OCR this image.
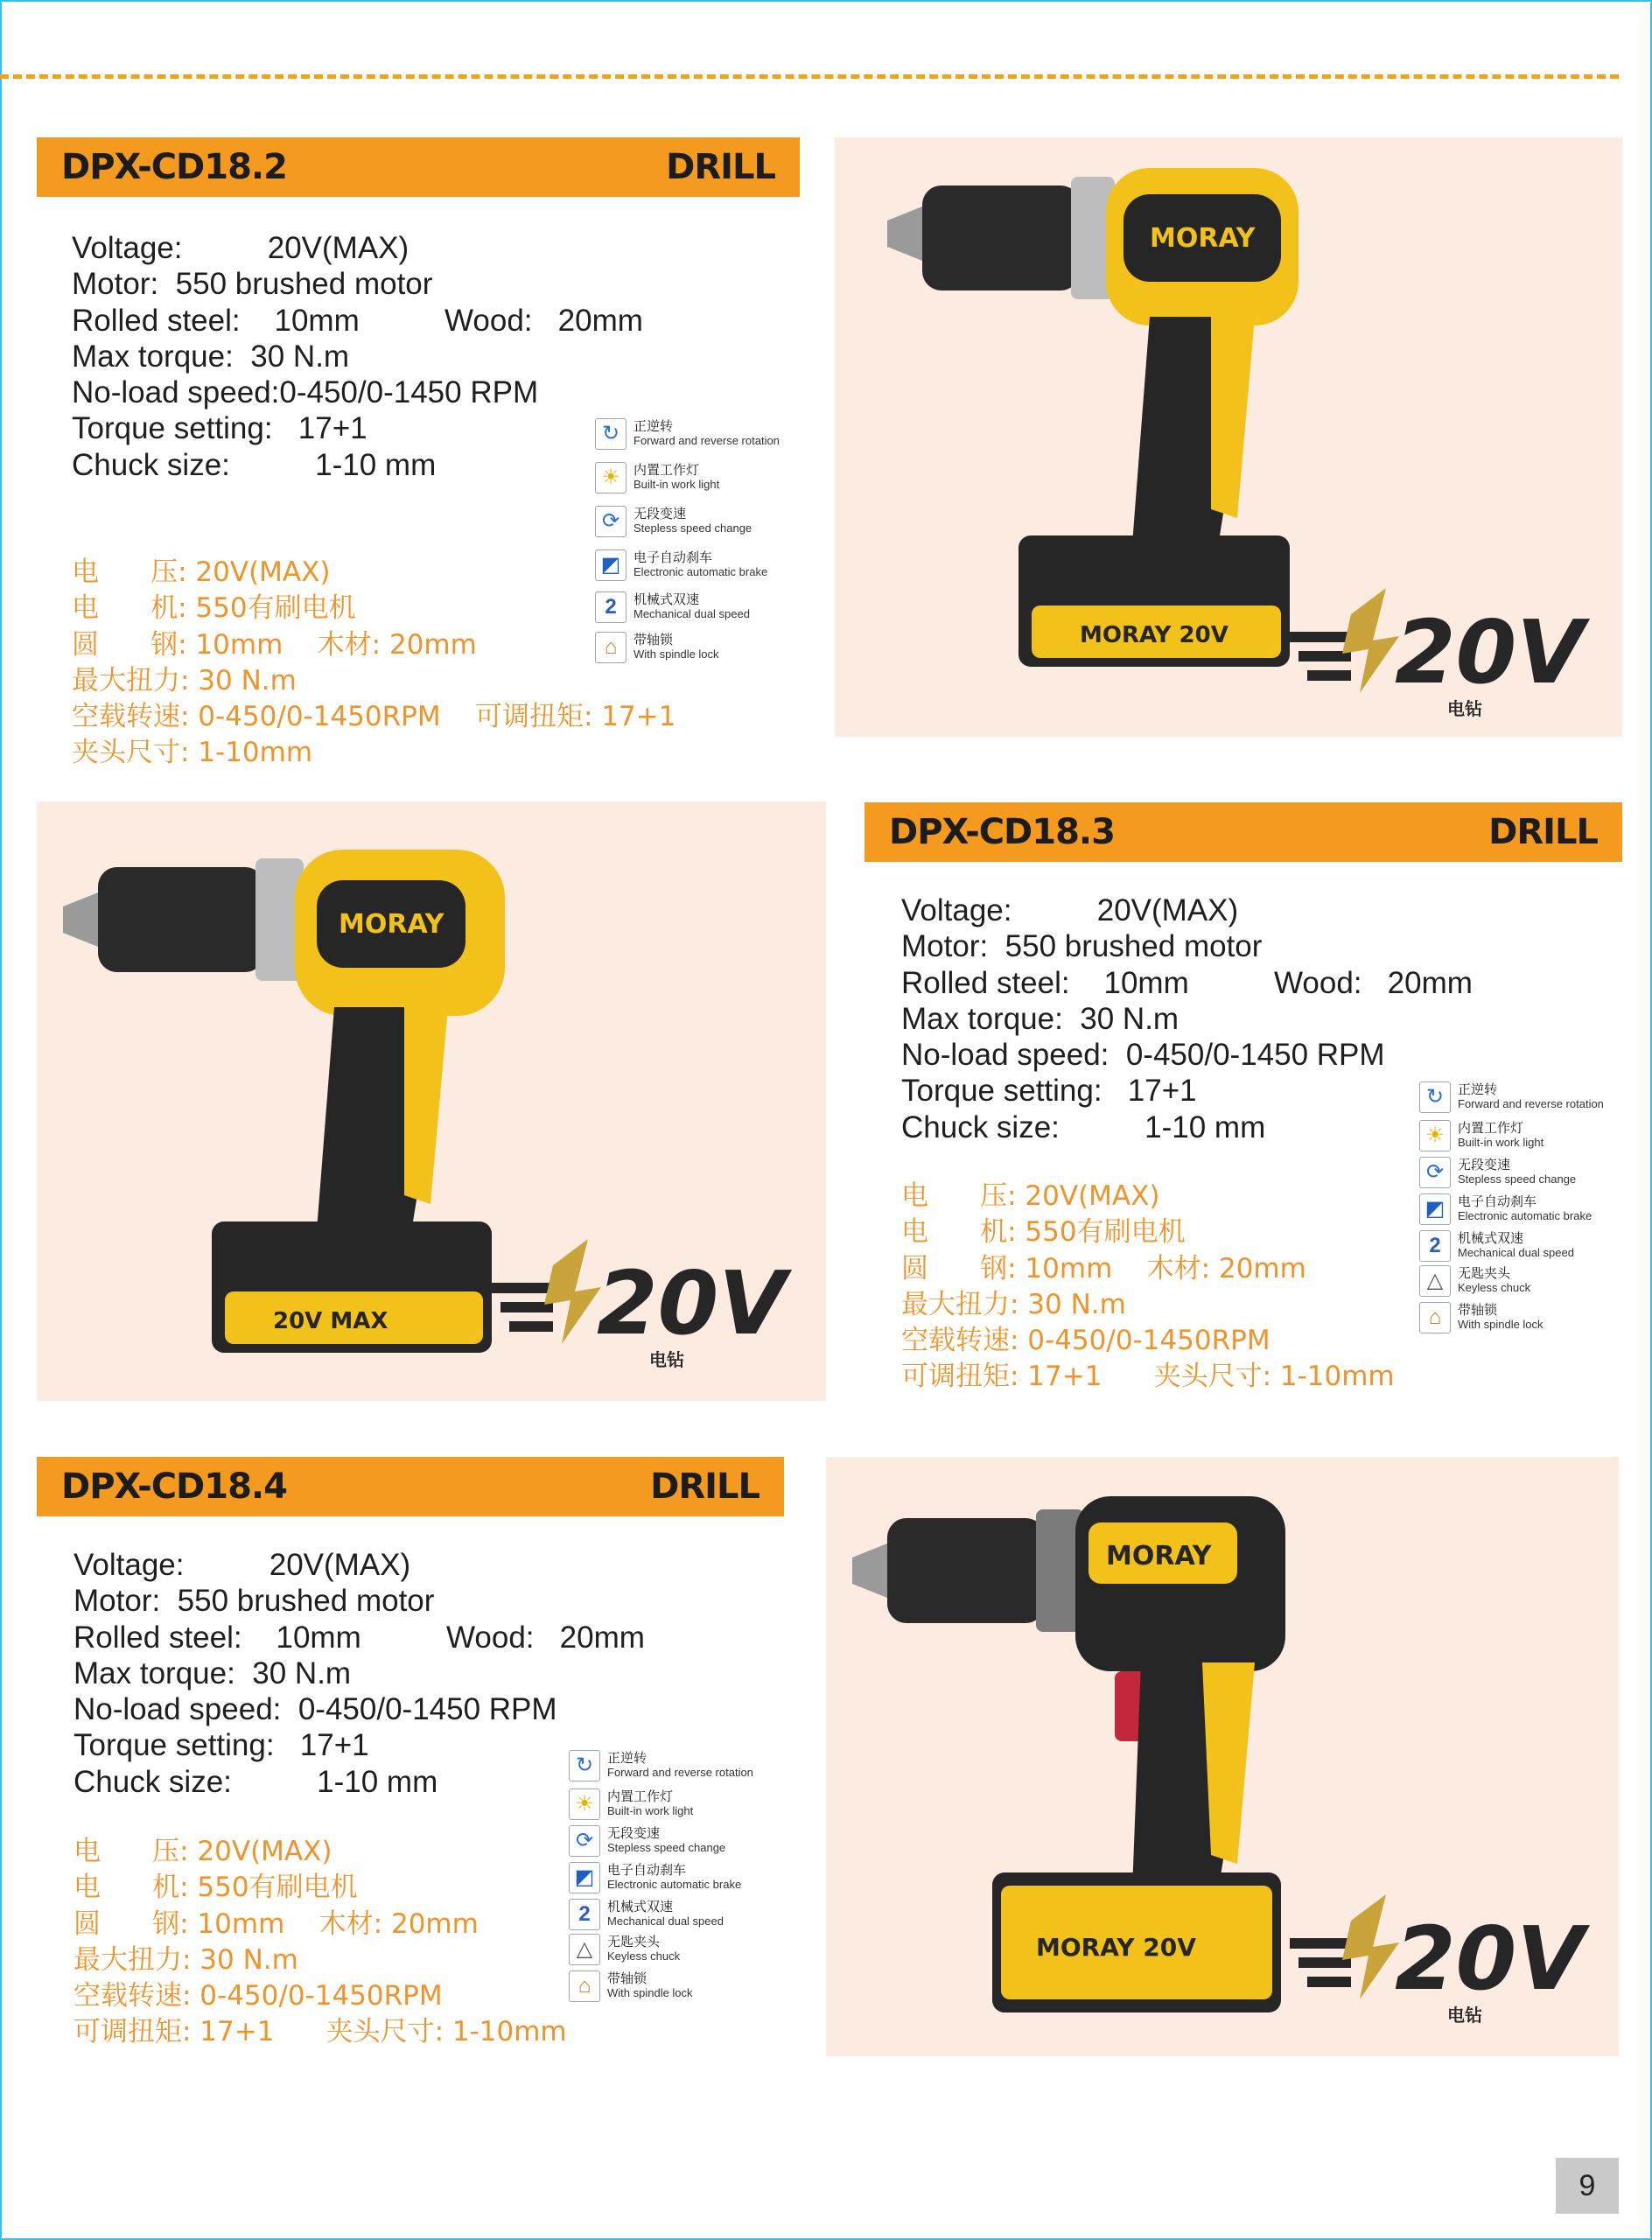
DPX-CD18.2	DRILL
Voltage:          20V(MAX)
Motor:  550 brushed motor
Rolled steel:    10mm          Wood:   20mm
Max torque:  30 N.m
No-load speed:0-450/0-1450 RPM
Torque setting:   17+1
Chuck size:          1-10 mm
电      压: 20V(MAX)
电      机: 550有刷电机
圆      钢: 10mm    木材: 20mm
最大扭力: 30 N.m
空载转速: 0-450/0-1450RPM    可调扭矩: 17+1
夹头尺寸: 1-10mm
↻	正逆转
Forward and reverse rotation
☀	内置工作灯
Built-in work light
⟳	无段变速
Stepless speed change
◩ 电子自动刹车
Electronic automatic brake
2	机械式双速
Mechanical dual speed
⌂	带轴锁
With spindle lock
MORAY
MORAY 20V 20V
电钻
MORAY
20V MAX 20V
电钻
DPX-CD18.3	DRILL
Voltage:          20V(MAX)
Motor:  550 brushed motor
Rolled steel:    10mm          Wood:   20mm
Max torque:  30 N.m
No-load speed:  0-450/0-1450 RPM
Torque setting:   17+1
Chuck size:          1-10 mm
电      压: 20V(MAX)
电      机: 550有刷电机
圆      钢: 10mm    木材: 20mm
最大扭力: 30 N.m
空载转速: 0-450/0-1450RPM
可调扭矩: 17+1      夹头尺寸: 1-10mm
↻	正逆转
Forward and reverse rotation
☀	内置工作灯
Built-in work light
⟳	无段变速
Stepless speed change
◩ 电子自动刹车
Electronic automatic brake
2	机械式双速
Mechanical dual speed
△	无匙夹头
Keyless chuck
⌂	带轴锁
With spindle lock
DPX-CD18.4	DRILL
Voltage:          20V(MAX)
Motor:  550 brushed motor
Rolled steel:    10mm          Wood:   20mm
Max torque:  30 N.m
No-load speed:  0-450/0-1450 RPM
Torque setting:   17+1
Chuck size:          1-10 mm
电      压: 20V(MAX)
电      机: 550有刷电机
圆      钢: 10mm    木材: 20mm
最大扭力: 30 N.m
空载转速: 0-450/0-1450RPM
可调扭矩: 17+1      夹头尺寸: 1-10mm
↻	正逆转
Forward and reverse rotation
☀	内置工作灯
Built-in work light
⟳	无段变速
Stepless speed change
◩ 电子自动刹车
Electronic automatic brake
2	机械式双速
Mechanical dual speed
△	无匙夹头
Keyless chuck
⌂	带轴锁
With spindle lock
MORAY
MORAY 20V 20V
电钻
9
